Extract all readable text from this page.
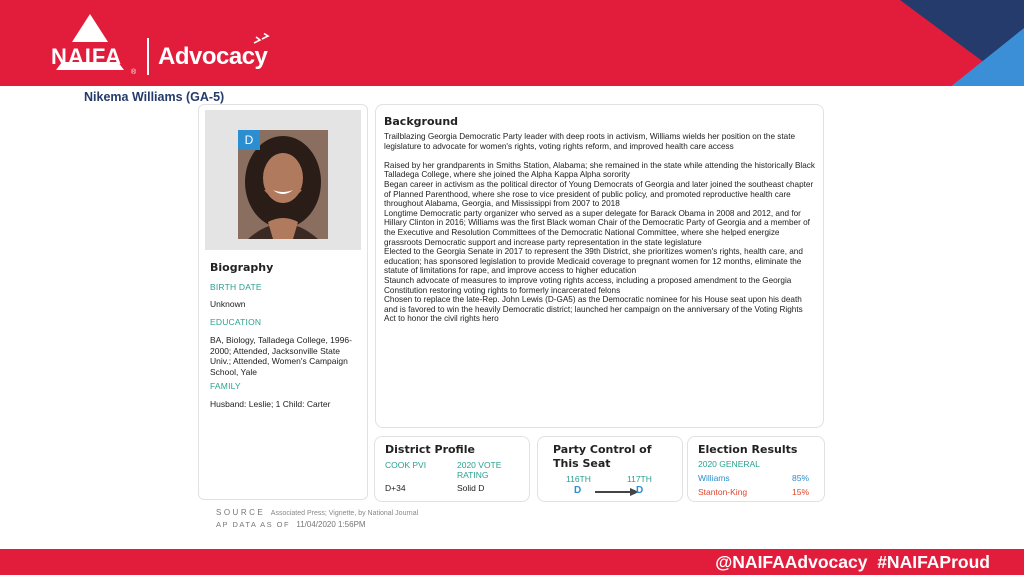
NAIFA
®
Advocacy
Nikema Williams (GA-5)
D
Biography
BIRTH DATE
Unknown
EDUCATION
BA, Biology, Talladega College, 1996-2000; Attended, Jacksonville State Univ.; Attended, Women's Campaign School, Yale
FAMILY
Husband: Leslie; 1 Child: Carter
Background

Trailblazing Georgia Democratic Party leader with deep roots in activism, Williams wields her position on the state legislature to advocate for women's rights, voting rights reform, and improved health care access

Raised by her grandparents in Smiths Station, Alabama; she remained in the state while attending the historically Black Talladega College, where she joined the Alpha Kappa Alpha sorority

Began career in activism as the political director of Young Democrats of Georgia and later joined the southeast chapter of Planned Parenthood, where she rose to vice president of public policy, and promoted reproductive health care throughout Alabama, Georgia, and Mississippi from 2007 to 2018

Longtime Democratic party organizer who served as a super delegate for Barack Obama in 2008 and 2012, and for Hillary Clinton in 2016; Williams was the first Black woman Chair of the Democratic Party of Georgia and a member of the Executive and Resolution Committees of the Democratic National Committee, where she helped energize grassroots Democratic support and increase party representation in the state legislature

Elected to the Georgia Senate in 2017 to represent the 39th District, she prioritizes women's rights, health care, and education; has sponsored legislation to provide Medicaid coverage to pregnant women for 12 months, eliminate the statute of limitations for rape, and improve access to higher education

Staunch advocate of measures to improve voting rights access, including a proposed amendment to the Georgia Constitution restoring voting rights to formerly incarcerated felons

Chosen to replace the late-Rep. John Lewis (D-GA5) as the Democratic nominee for his House seat upon his death and is favored to win the heavily Democratic district; launched her campaign on the anniversary of the Voting Rights Act to honor the civil rights hero

District Profile
COOK PVI	2020 VOTE RATING
D+34	Solid D
Party Control of This Seat
116TH	117TH
D	D
Election Results
2020 GENERAL
Williams	85%
Stanton-King	15%
SOURCE Associated Press; Vignette, by National Journal
AP DATA AS OF 11/04/2020 1:56PM
@NAIFAAdvocacy  #NAIFAProud
